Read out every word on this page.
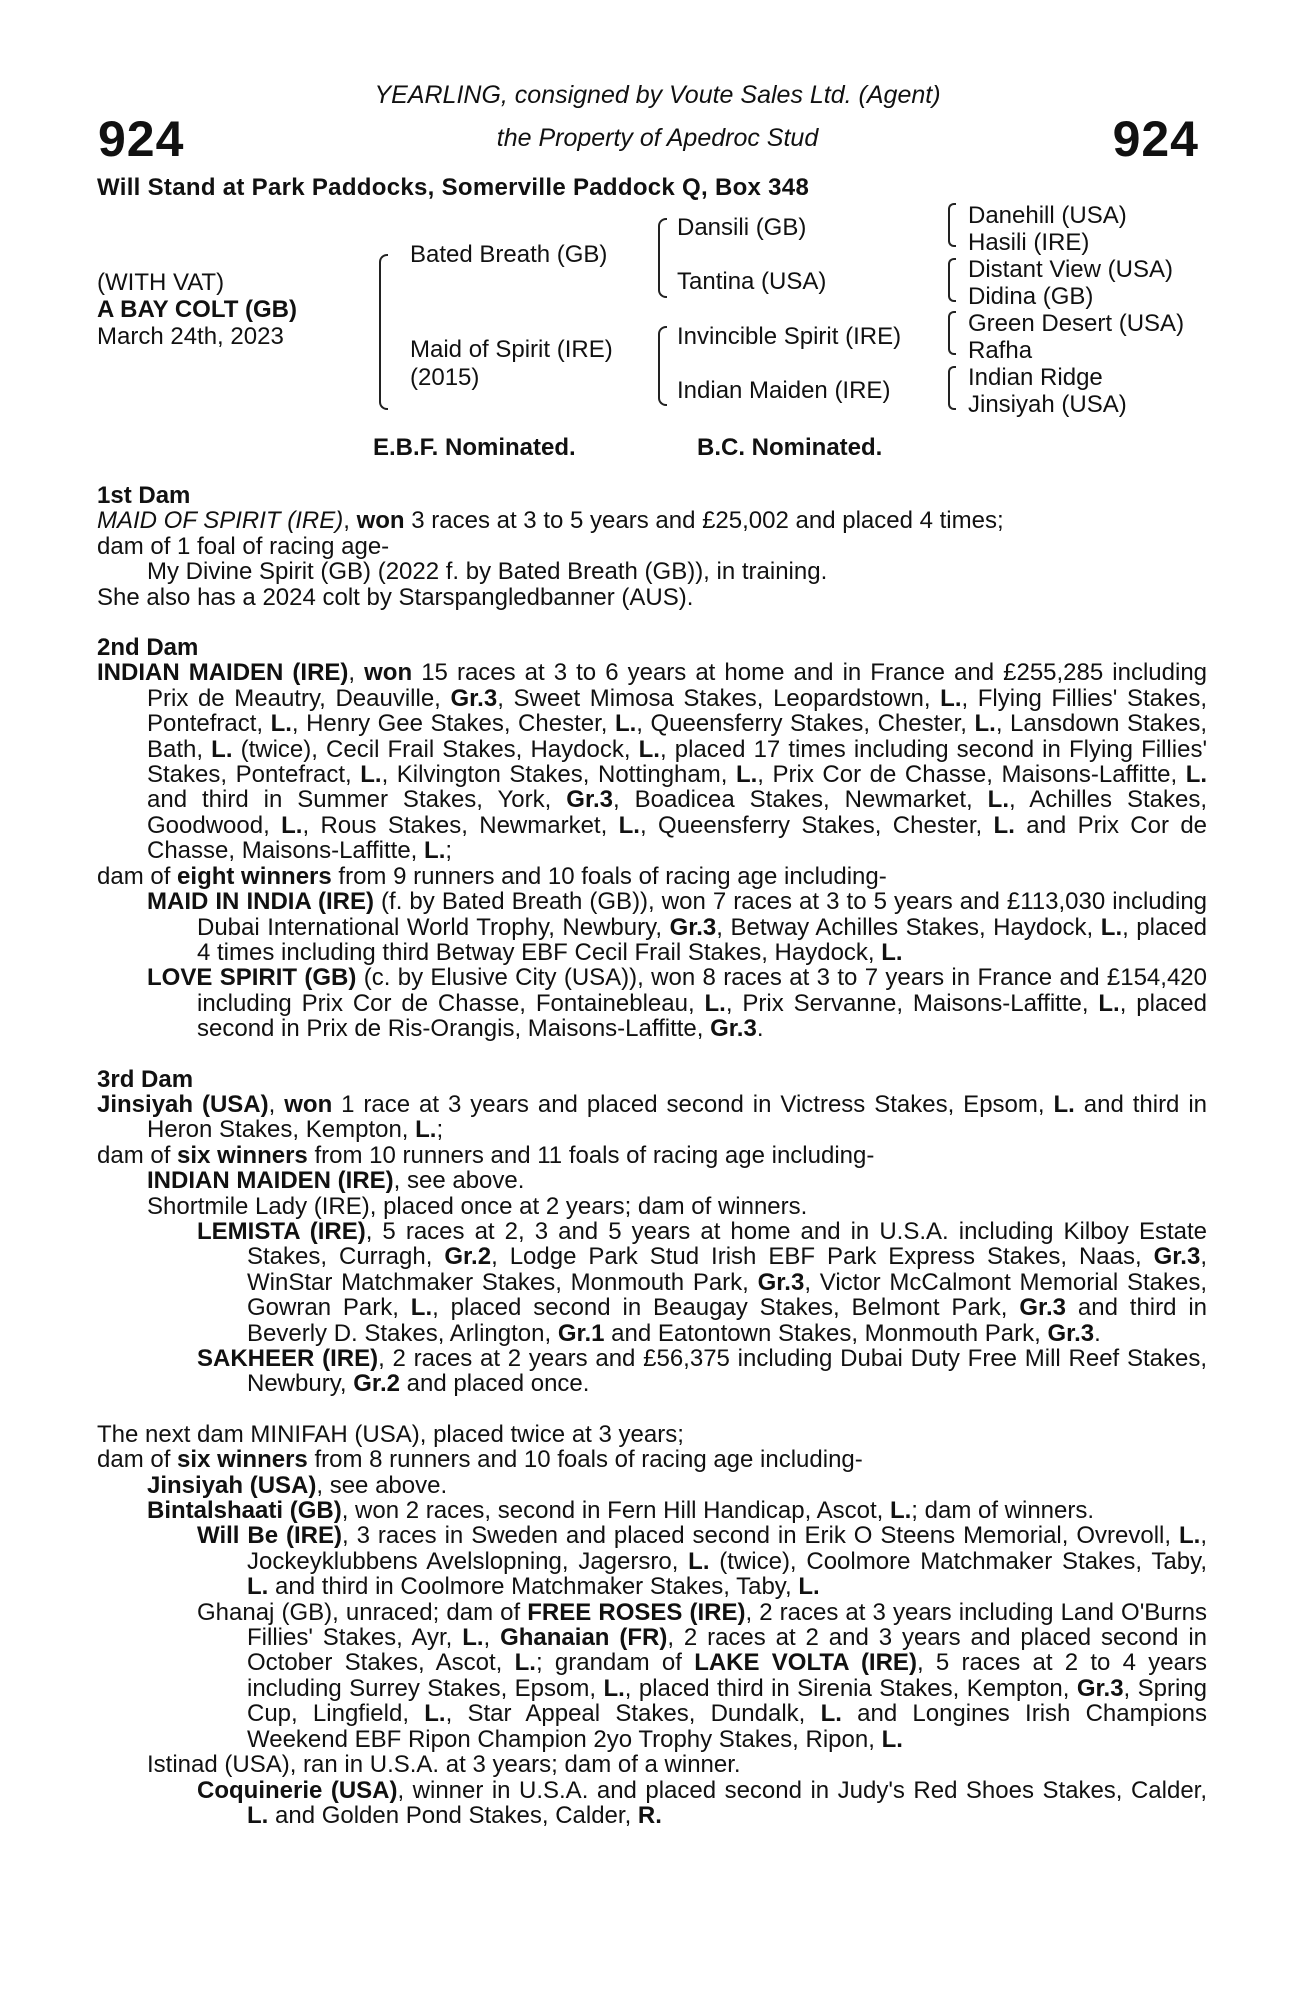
924	924
YEARLING, consigned by Voute Sales Ltd. (Agent)
the Property of Apedroc Stud
Will Stand at Park Paddocks, Somerville Paddock Q, Box 348
(WITH VAT)
A BAY COLT (GB)
March 24th, 2023
Bated Breath (GB)
Maid of Spirit (IRE)
(2015)
Dansili (GB)
Tantina (USA)
Invincible Spirit (IRE)
Indian Maiden (IRE)
Danehill (USA)
Hasili (IRE)
Distant View (USA)
Didina (GB)
Green Desert (USA)
Rafha
Indian Ridge
Jinsiyah (USA)
E.B.F. Nominated.	B.C. Nominated.

1st Dam

MAID OF SPIRIT (IRE), won 3 races at 3 to 5 years and £25,002 and placed 4 times;

dam of 1 foal of racing age-

My Divine Spirit (GB) (2022 f. by Bated Breath (GB)), in training.

She also has a 2024 colt by Starspangledbanner (AUS).

2nd Dam

INDIAN MAIDEN (IRE), won 15 races at 3 to 6 years at home and in France and £255,285 including Prix de Meautry, Deauville, Gr.3, Sweet Mimosa Stakes, Leopardstown, L., Flying Fillies' Stakes, Pontefract, L., Henry Gee Stakes, Chester, L., Queensferry Stakes, Chester, L., Lansdown Stakes, Bath, L. (twice), Cecil Frail Stakes, Haydock, L., placed 17 times including second in Flying Fillies' Stakes, Pontefract, L., Kilvington Stakes, Nottingham, L., Prix Cor de Chasse, Maisons-Laffitte, L. and third in Summer Stakes, York, Gr.3, Boadicea Stakes, Newmarket, L., Achilles Stakes, Goodwood, L., Rous Stakes, Newmarket, L., Queensferry Stakes, Chester, L. and Prix Cor de Chasse, Maisons-Laffitte, L.;

dam of eight winners from 9 runners and 10 foals of racing age including-

MAID IN INDIA (IRE) (f. by Bated Breath (GB)), won 7 races at 3 to 5 years and £113,030 including Dubai International World Trophy, Newbury, Gr.3, Betway Achilles Stakes, Haydock, L., placed 4 times including third Betway EBF Cecil Frail Stakes, Haydock, L.

LOVE SPIRIT (GB) (c. by Elusive City (USA)), won 8 races at 3 to 7 years in France and £154,420 including Prix Cor de Chasse, Fontainebleau, L., Prix Servanne, Maisons-Laffitte, L., placed second in Prix de Ris-Orangis, Maisons-Laffitte, Gr.3.

3rd Dam

Jinsiyah (USA), won 1 race at 3 years and placed second in Victress Stakes, Epsom, L. and third in Heron Stakes, Kempton, L.;

dam of six winners from 10 runners and 11 foals of racing age including-

INDIAN MAIDEN (IRE), see above.

Shortmile Lady (IRE), placed once at 2 years; dam of winners.

LEMISTA (IRE), 5 races at 2, 3 and 5 years at home and in U.S.A. including Kilboy Estate Stakes, Curragh, Gr.2, Lodge Park Stud Irish EBF Park Express Stakes, Naas, Gr.3, WinStar Matchmaker Stakes, Monmouth Park, Gr.3, Victor McCalmont Memorial Stakes, Gowran Park, L., placed second in Beaugay Stakes, Belmont Park, Gr.3 and third in Beverly D. Stakes, Arlington, Gr.1 and Eatontown Stakes, Monmouth Park, Gr.3.

SAKHEER (IRE), 2 races at 2 years and £56,375 including Dubai Duty Free Mill Reef Stakes, Newbury, Gr.2 and placed once.

The next dam MINIFAH (USA), placed twice at 3 years;

dam of six winners from 8 runners and 10 foals of racing age including-

Jinsiyah (USA), see above.

Bintalshaati (GB), won 2 races, second in Fern Hill Handicap, Ascot, L.; dam of winners.

Will Be (IRE), 3 races in Sweden and placed second in Erik O Steens Memorial, Ovrevoll, L., Jockeyklubbens Avelslopning, Jagersro, L. (twice), Coolmore Matchmaker Stakes, Taby, L. and third in Coolmore Matchmaker Stakes, Taby, L.

Ghanaj (GB), unraced; dam of FREE ROSES (IRE), 2 races at 3 years including Land O'Burns Fillies' Stakes, Ayr, L., Ghanaian (FR), 2 races at 2 and 3 years and placed second in October Stakes, Ascot, L.; grandam of LAKE VOLTA (IRE), 5 races at 2 to 4 years including Surrey Stakes, Epsom, L., placed third in Sirenia Stakes, Kempton, Gr.3, Spring Cup, Lingfield, L., Star Appeal Stakes, Dundalk, L. and Longines Irish Champions Weekend EBF Ripon Champion 2yo Trophy Stakes, Ripon, L.

Istinad (USA), ran in U.S.A. at 3 years; dam of a winner.

Coquinerie (USA), winner in U.S.A. and placed second in Judy's Red Shoes Stakes, Calder, L. and Golden Pond Stakes, Calder, R.
